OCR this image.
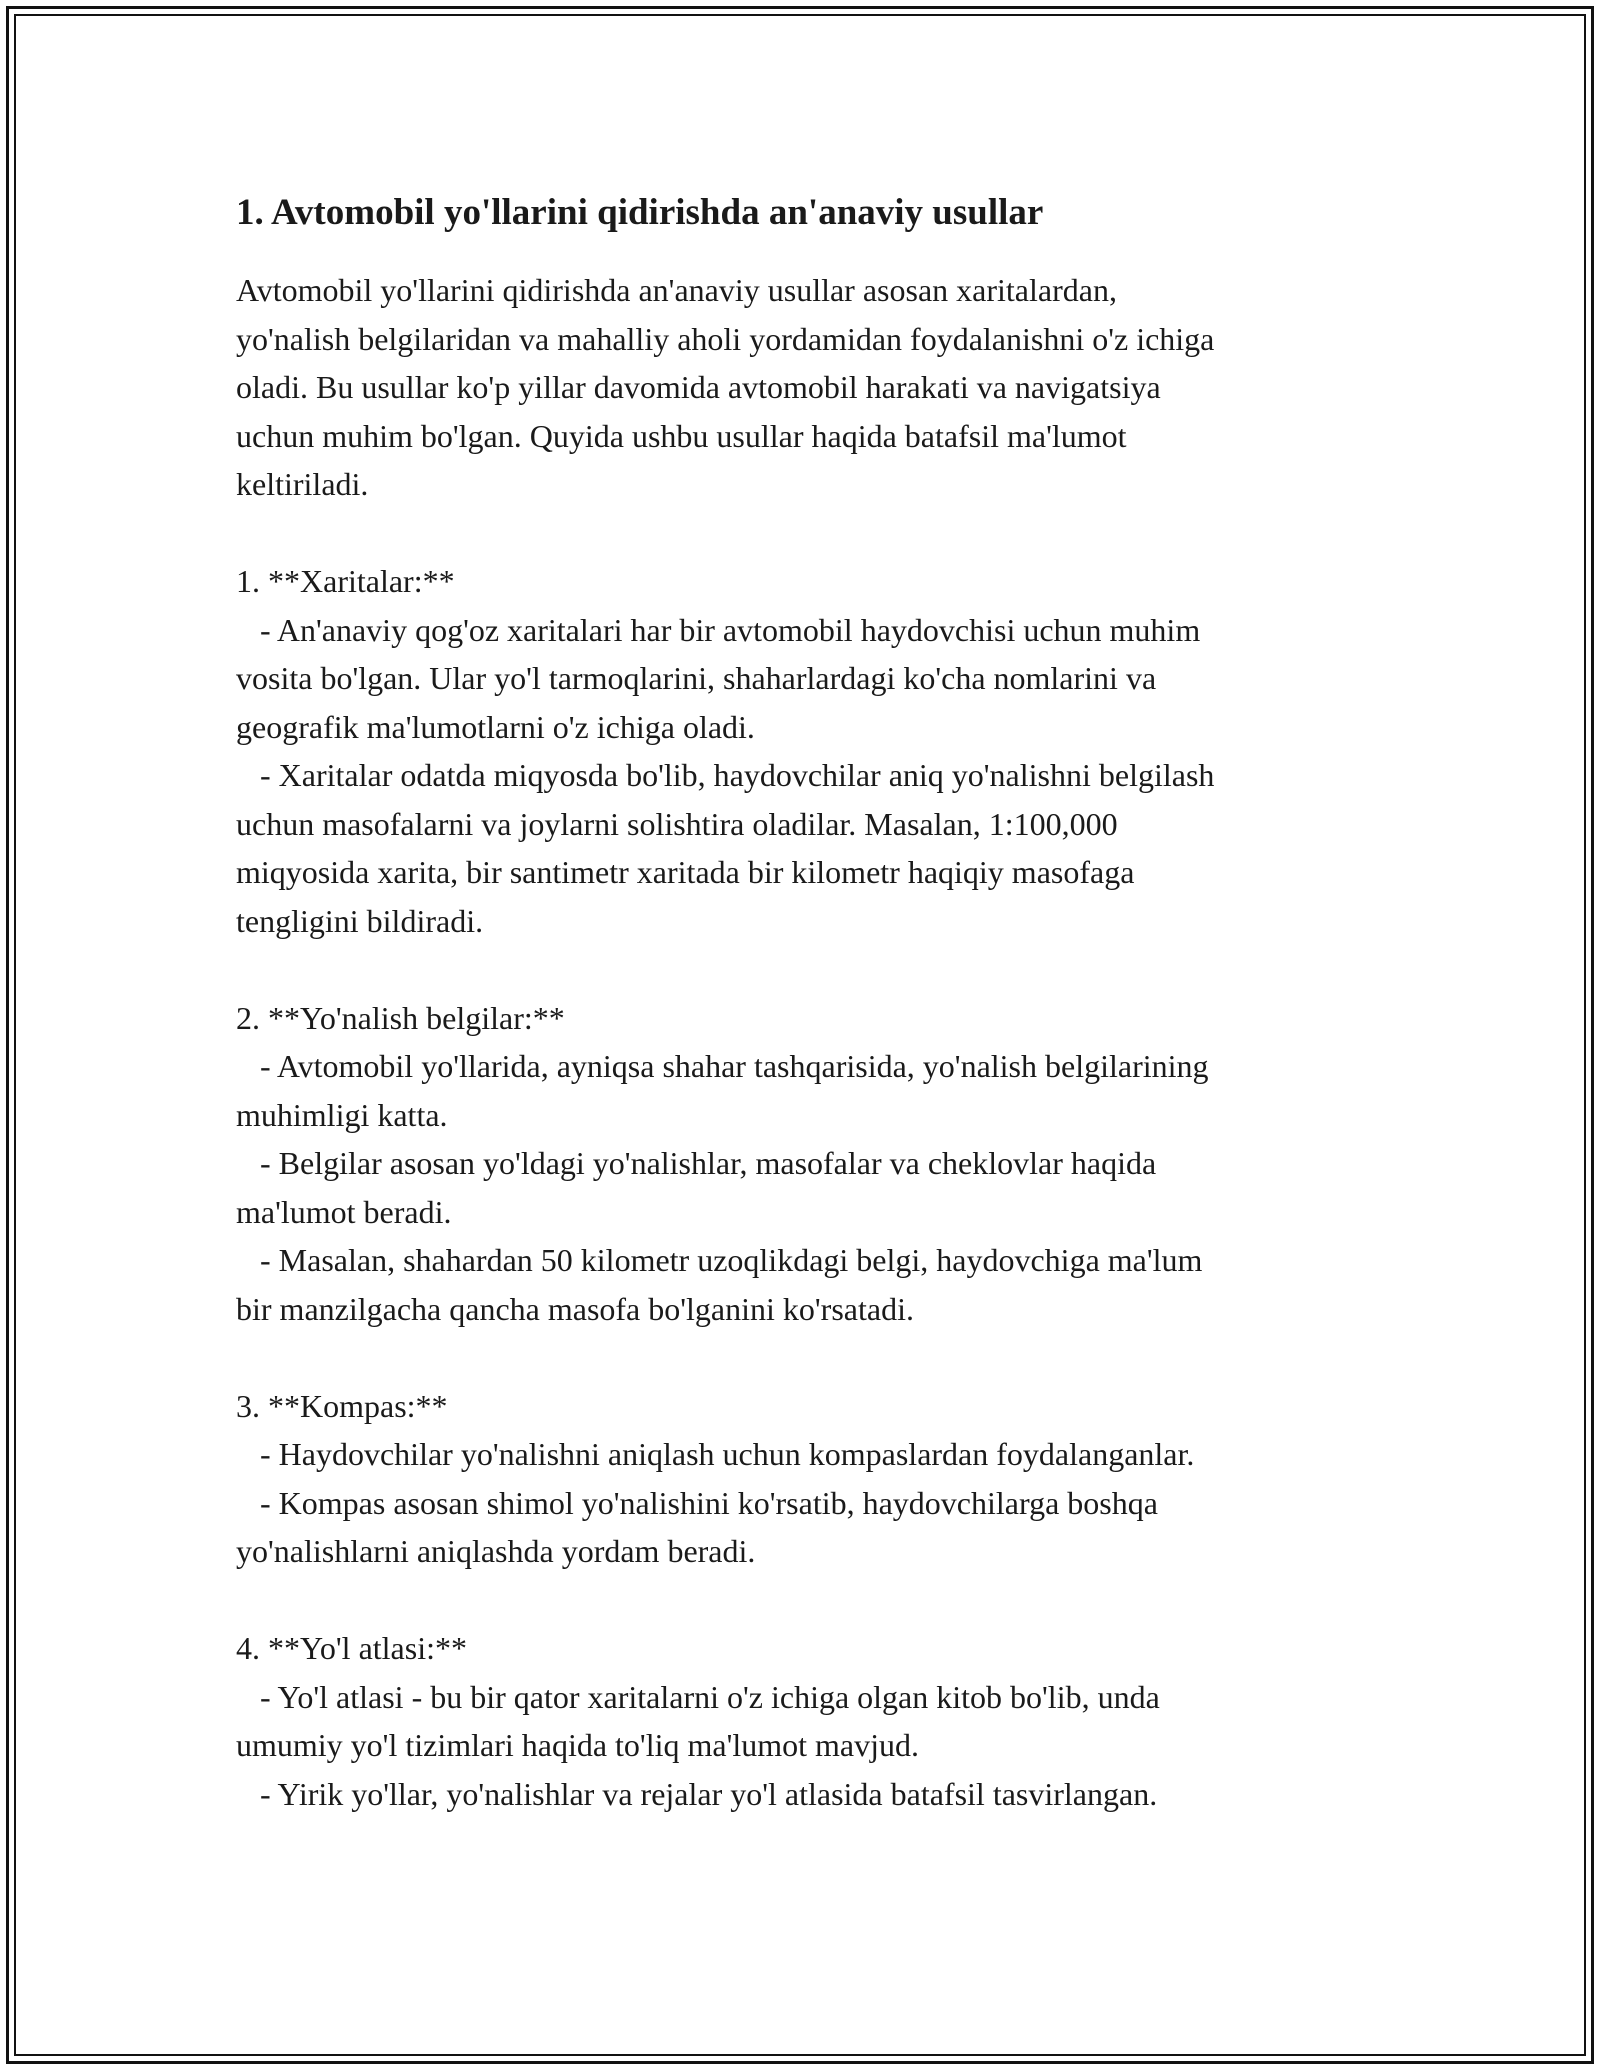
1. Avtomobil yo'llarini qidirishda an'anaviy usullar

Avtomobil yo'llarini qidirishda an'anaviy usullar asosan xaritalardan,
yo'nalish belgilaridan va mahalliy aholi yordamidan foydalanishni o'z ichiga
oladi. Bu usullar ko'p yillar davomida avtomobil harakati va navigatsiya
uchun muhim bo'lgan. Quyida ushbu usullar haqida batafsil ma'lumot
keltiriladi.

1. **Xaritalar:**

- An'anaviy qog'oz xaritalari har bir avtomobil haydovchisi uchun muhim
vosita bo'lgan. Ular yo'l tarmoqlarini, shaharlardagi ko'cha nomlarini va
geografik ma'lumotlarni o'z ichiga oladi.

- Xaritalar odatda miqyosda bo'lib, haydovchilar aniq yo'nalishni belgilash
uchun masofalarni va joylarni solishtira oladilar. Masalan, 1:100,000
miqyosida xarita, bir santimetr xaritada bir kilometr haqiqiy masofaga
tengligini bildiradi.

2. **Yo'nalish belgilar:**

- Avtomobil yo'llarida, ayniqsa shahar tashqarisida, yo'nalish belgilarining
muhimligi katta.

- Belgilar asosan yo'ldagi yo'nalishlar, masofalar va cheklovlar haqida
ma'lumot beradi.

- Masalan, shahardan 50 kilometr uzoqlikdagi belgi, haydovchiga ma'lum
bir manzilgacha qancha masofa bo'lganini ko'rsatadi.

3. **Kompas:**

- Haydovchilar yo'nalishni aniqlash uchun kompaslardan foydalanganlar.

- Kompas asosan shimol yo'nalishini ko'rsatib, haydovchilarga boshqa
yo'nalishlarni aniqlashda yordam beradi.

4. **Yo'l atlasi:**

- Yo'l atlasi - bu bir qator xaritalarni o'z ichiga olgan kitob bo'lib, unda
umumiy yo'l tizimlari haqida to'liq ma'lumot mavjud.

- Yirik yo'llar, yo'nalishlar va rejalar yo'l atlasida batafsil tasvirlangan.
